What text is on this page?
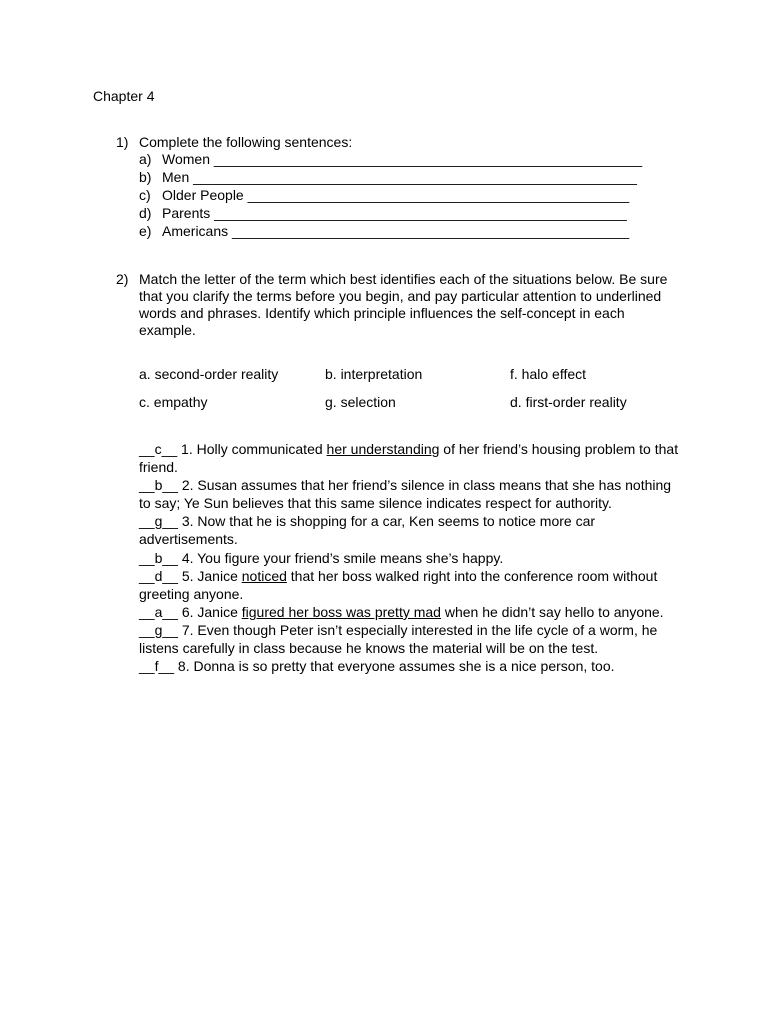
Chapter 4
1) Complete the following sentences:
a) Women _______________________________________________________
b) Men _________________________________________________________
c) Older People _________________________________________________
d) Parents _____________________________________________________
e) Americans ___________________________________________________
2) Match the letter of the term which best identifies each of the situations below. Be sure that you clarify the terms before you begin, and pay particular attention to underlined words and phrases. Identify which principle influences the self-concept in each example.
a. second-order reality	b. interpretation	f. halo effect
c. empathy	g. selection	d. first-order reality
__c__ 1. Holly communicated her understanding of her friend’s housing problem to that friend.
__b__ 2. Susan assumes that her friend’s silence in class means that she has nothing to say; Ye Sun believes that this same silence indicates respect for authority.
__g__ 3. Now that he is shopping for a car, Ken seems to notice more car advertisements.
__b__ 4. You figure your friend’s smile means she’s happy.
__d__ 5. Janice noticed that her boss walked right into the conference room without greeting anyone.
__a__ 6. Janice figured her boss was pretty mad when he didn’t say hello to anyone.
__g__ 7. Even though Peter isn’t especially interested in the life cycle of a worm, he listens carefully in class because he knows the material will be on the test.
__f__ 8. Donna is so pretty that everyone assumes she is a nice person, too.
